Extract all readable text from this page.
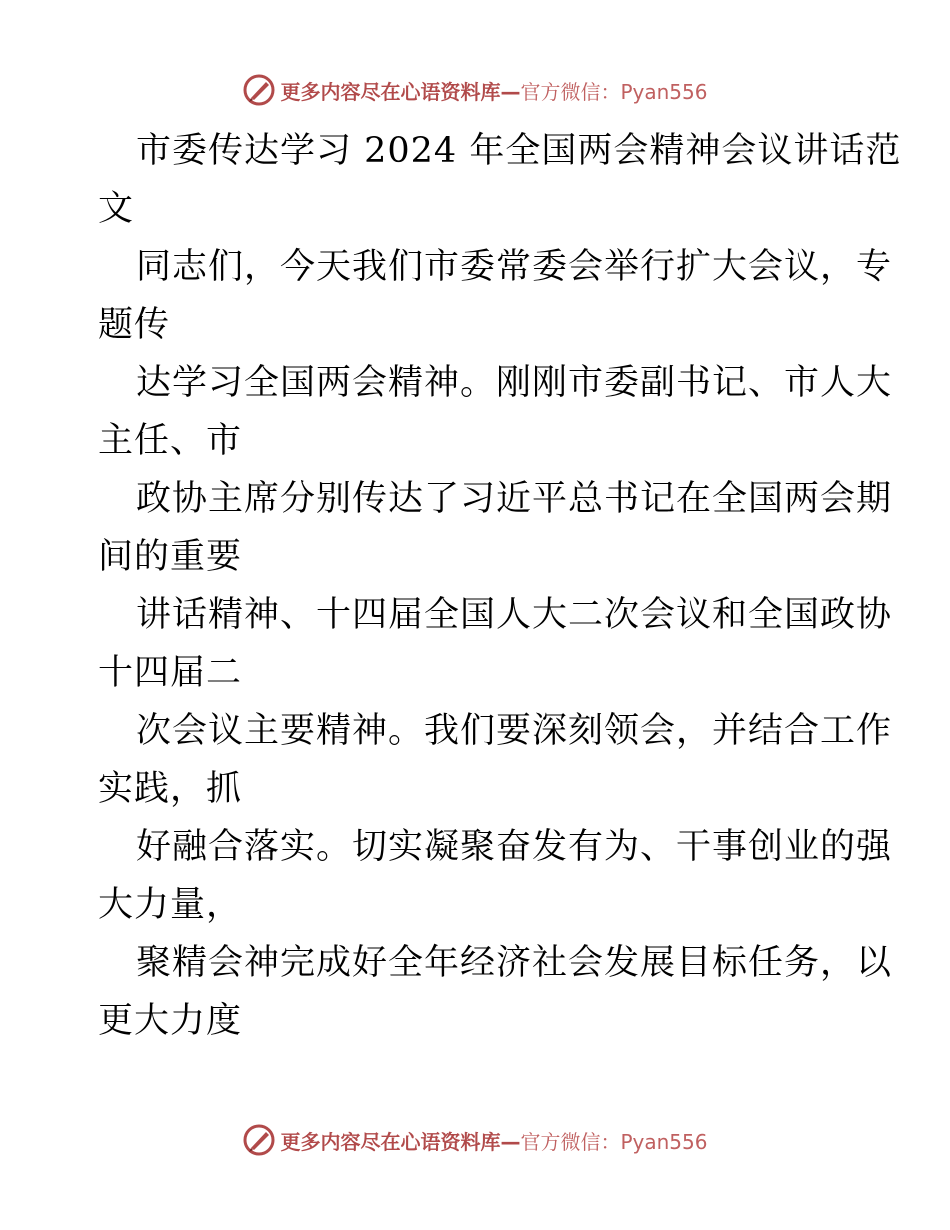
更多内容尽在心语资料库—官方微信：Pyan556
市委传达学习 2024 年全国两会精神会议讲话范
文
同志们，今天我们市委常委会举行扩大会议，专
题传
达学习全国两会精神。刚刚市委副书记、市人大
主任、市
政协主席分别传达了习近平总书记在全国两会期
间的重要
讲话精神、十四届全国人大二次会议和全国政协
十四届二
次会议主要精神。我们要深刻领会，并结合工作
实践，抓
好融合落实。切实凝聚奋发有为、干事创业的强
大力量，
聚精会神完成好全年经济社会发展目标任务，以
更大力度
更多内容尽在心语资料库—官方微信：Pyan556
